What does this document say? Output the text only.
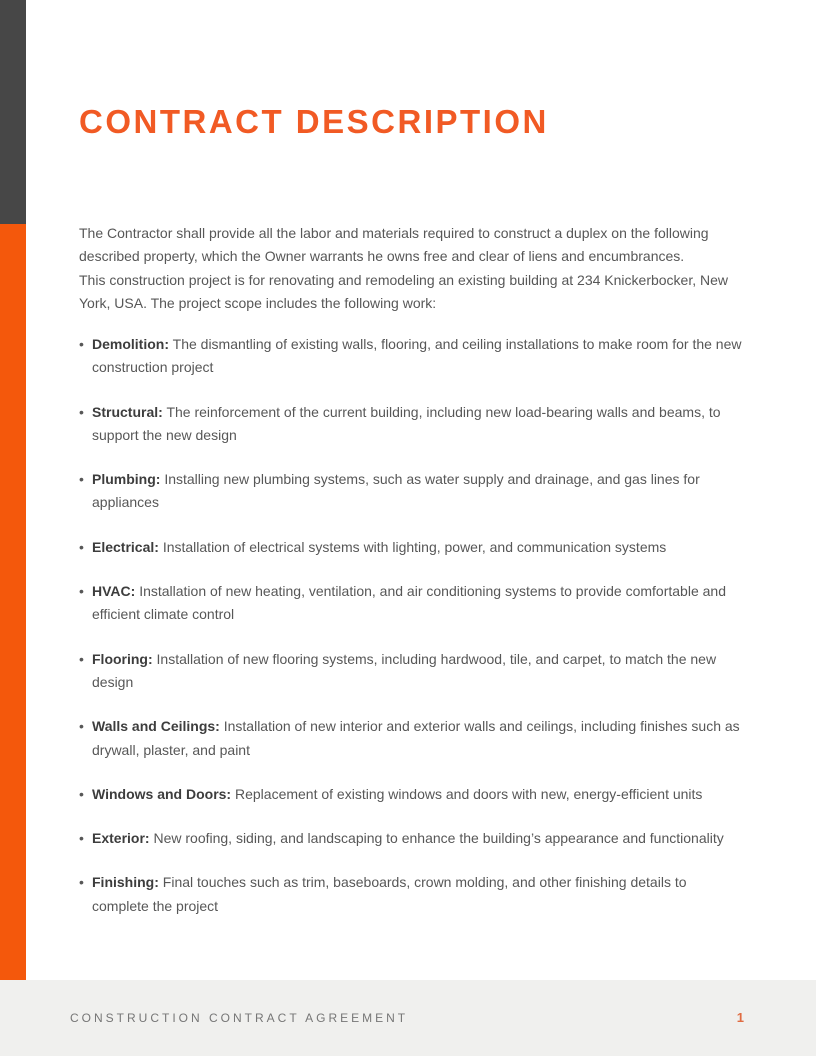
CONTRACT DESCRIPTION
The Contractor shall provide all the labor and materials required to construct a duplex on the following described property, which the Owner warrants he owns free and clear of liens and encumbrances.
This construction project is for renovating and remodeling an existing building at 234 Knickerbocker, New York, USA. The project scope includes the following work:
• Demolition: The dismantling of existing walls, flooring, and ceiling installations to make room for the new construction project
• Structural: The reinforcement of the current building, including new load-bearing walls and beams, to support the new design
• Plumbing: Installing new plumbing systems, such as water supply and drainage, and gas lines for appliances
• Electrical: Installation of electrical systems with lighting, power, and communication systems
• HVAC: Installation of new heating, ventilation, and air conditioning systems to provide comfortable and efficient climate control
• Flooring: Installation of new flooring systems, including hardwood, tile, and carpet, to match the new design
• Walls and Ceilings: Installation of new interior and exterior walls and ceilings, including finishes such as drywall, plaster, and paint
• Windows and Doors: Replacement of existing windows and doors with new, energy-efficient units
• Exterior: New roofing, siding, and landscaping to enhance the building’s appearance and functionality
• Finishing: Final touches such as trim, baseboards, crown molding, and other finishing details to complete the project
CONSTRUCTION CONTRACT AGREEMENT	1
